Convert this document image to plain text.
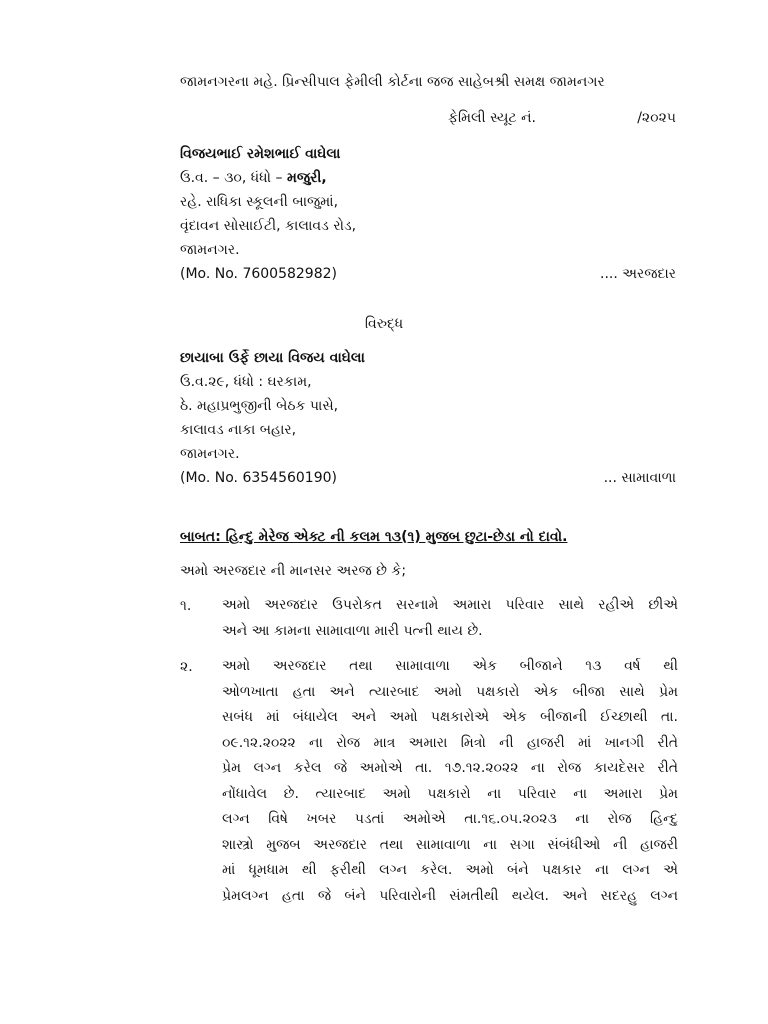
જામનગરના મહે. પ્રિન્સીપાલ ફેમીલી કોર્ટના જજ સાહેબશ્રી સમક્ષ જામનગર
ફેમિલી સ્યૂટ નં.	/૨૦૨૫
વિજયભાઈ રમેશભાઈ વાઘેલા
ઉ.વ. – ૩૦, ધંધો – મજુરી,
રહે. રાધિકા સ્કૂલની બાજુમાં,
વૃંદાવન સોસાઈટી, કાલાવડ રોડ,
જામનગર.
(Mo. No. 7600582982)	.... અરજદાર
વિરુદ્ધ
છાયાબા ઉર્ફે છાયા વિજય વાઘેલા
ઉ.વ.૨૯, ધંધો : ઘરકામ,
ઠે. મહાપ્રભુજીની બેઠક પાસે,
કાલાવડ નાકા બહાર,
જામનગર.
(Mo. No. 6354560190)	... સામાવાળા
બાબત: હિન્દુ મેરેજ એક્ટ ની કલમ ૧૩(૧) મુજબ છુટા-છેડા નો દાવો.
અમો અરજદાર ની માનસર અરજ છે કે;
૧. અમો અરજદાર ઉપરોકત સરનામે અમારા પરિવાર સાથે રહીએ છીએ

અને આ કામના સામાવાળા મારી પત્ની થાય છે.

૨. અમો અરજદાર તથા સામાવાળા એક બીજાને ૧૩ વર્ષ થી

ઓળખાતા હતા અને ત્યારબાદ અમો પક્ષકારો એક બીજા સાથે પ્રેમ

સબંધ માં બંધાયેલ અને અમો પક્ષકારોએ એક બીજાની ઈચ્છાથી તા.

૦૯.૧૨.૨૦૨૨ ના રોજ માત્ર અમારા મિત્રો ની હાજરી માં ખાનગી રીતે

પ્રેમ લગ્ન કરેલ જે અમોએ તા. ૧૭.૧૨.૨૦૨૨ ના રોજ કાયદેસર રીતે

નોંધાવેલ છે. ત્યારબાદ અમો પક્ષકારો ના પરિવાર ના અમારા પ્રેમ

લગ્ન વિષે ખબર પડતાં અમોએ તા.૧૬.૦૫.૨૦૨૩ ના રોજ હિન્દુ

શાસ્ત્રો મુજબ અરજદાર તથા સામાવાળા ના સગા સંબંધીઓ ની હાજરી

માં ધૂમધામ થી ફરીથી લગ્ન કરેલ. અમો બંને પક્ષકાર ના લગ્ન એ

પ્રેમલગ્ન હતા જે બંને પરિવારોની સંમતીથી થયેલ. અને સદરહુ લગ્ન
